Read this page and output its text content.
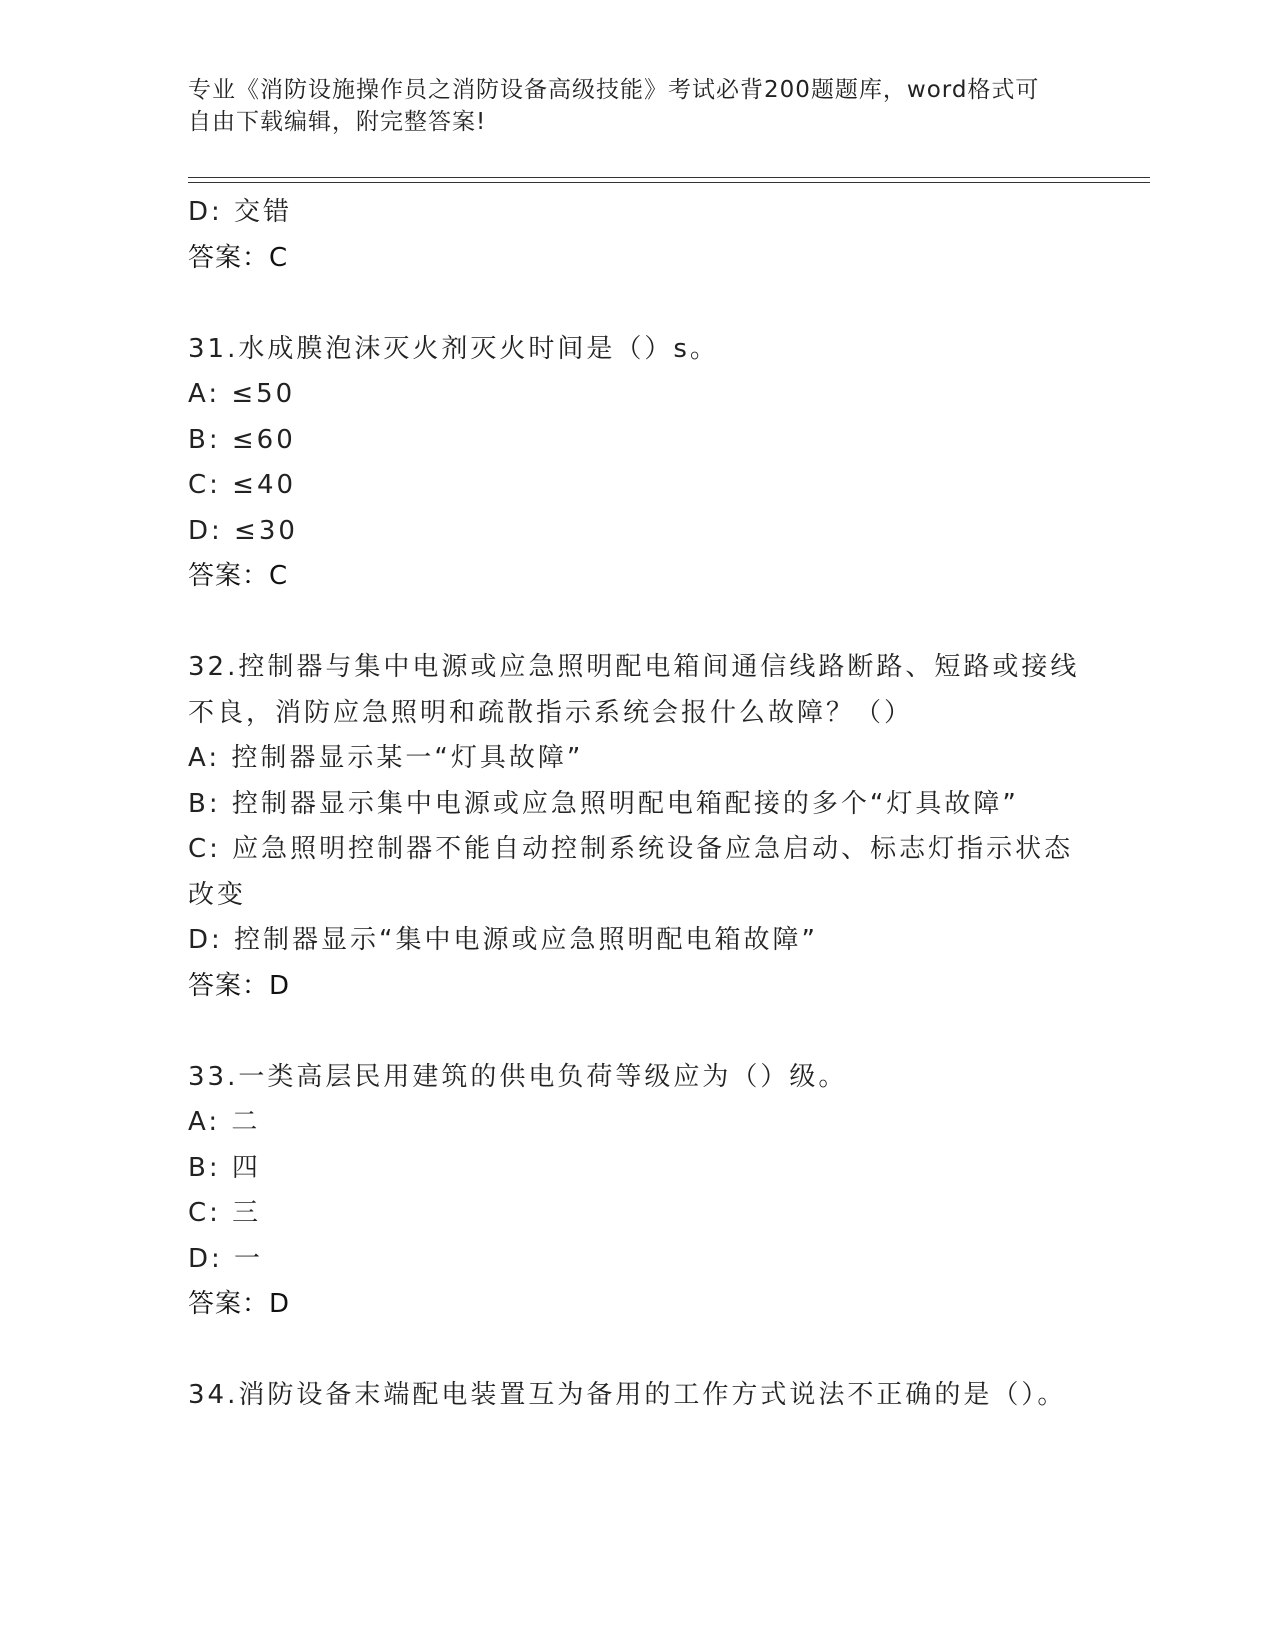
专业《消防设施操作员之消防设备高级技能》考试必背200题题库，word格式可
自由下载编辑，附完整答案!
D: 交错
答案：C
31.水成膜泡沫灭火剂灭火时间是（）s。
A: ≤50
B: ≤60
C: ≤40
D: ≤30
答案：C
32.控制器与集中电源或应急照明配电箱间通信线路断路、短路或接线
不良，消防应急照明和疏散指示系统会报什么故障？（）
A: 控制器显示某一“灯具故障”
B: 控制器显示集中电源或应急照明配电箱配接的多个“灯具故障”
C: 应急照明控制器不能自动控制系统设备应急启动、标志灯指示状态
改变
D: 控制器显示“集中电源或应急照明配电箱故障”
答案：D
33.一类高层民用建筑的供电负荷等级应为（）级。
A: 二
B: 四
C: 三
D: 一
答案：D
34.消防设备末端配电装置互为备用的工作方式说法不正确的是（）。
